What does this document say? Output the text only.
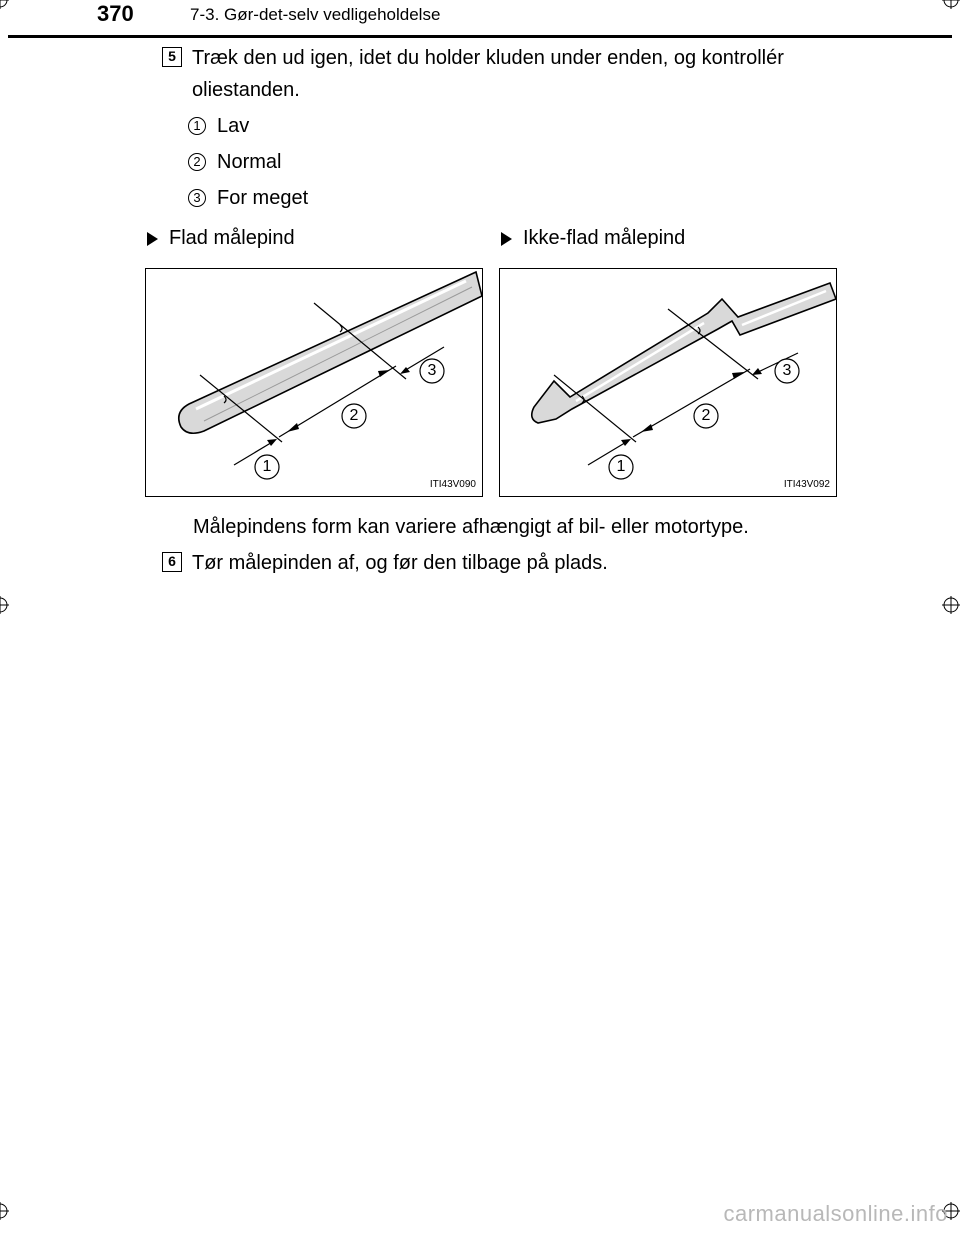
370	7-3. Gør-det-selv vedligeholdelse
5 Træk den ud igen, idet du holder kluden under enden, og kontrollér
oliestanden.
1 Lav
2 Normal
3 For meget
Flad målepind	Ikke-flad målepind
1
2
3
ITI43V090
1
2
3
ITI43V092
Målepindens form kan variere afhængigt af bil- eller motortype.
6 Tør målepinden af, og før den tilbage på plads.
carmanualsonline.info
